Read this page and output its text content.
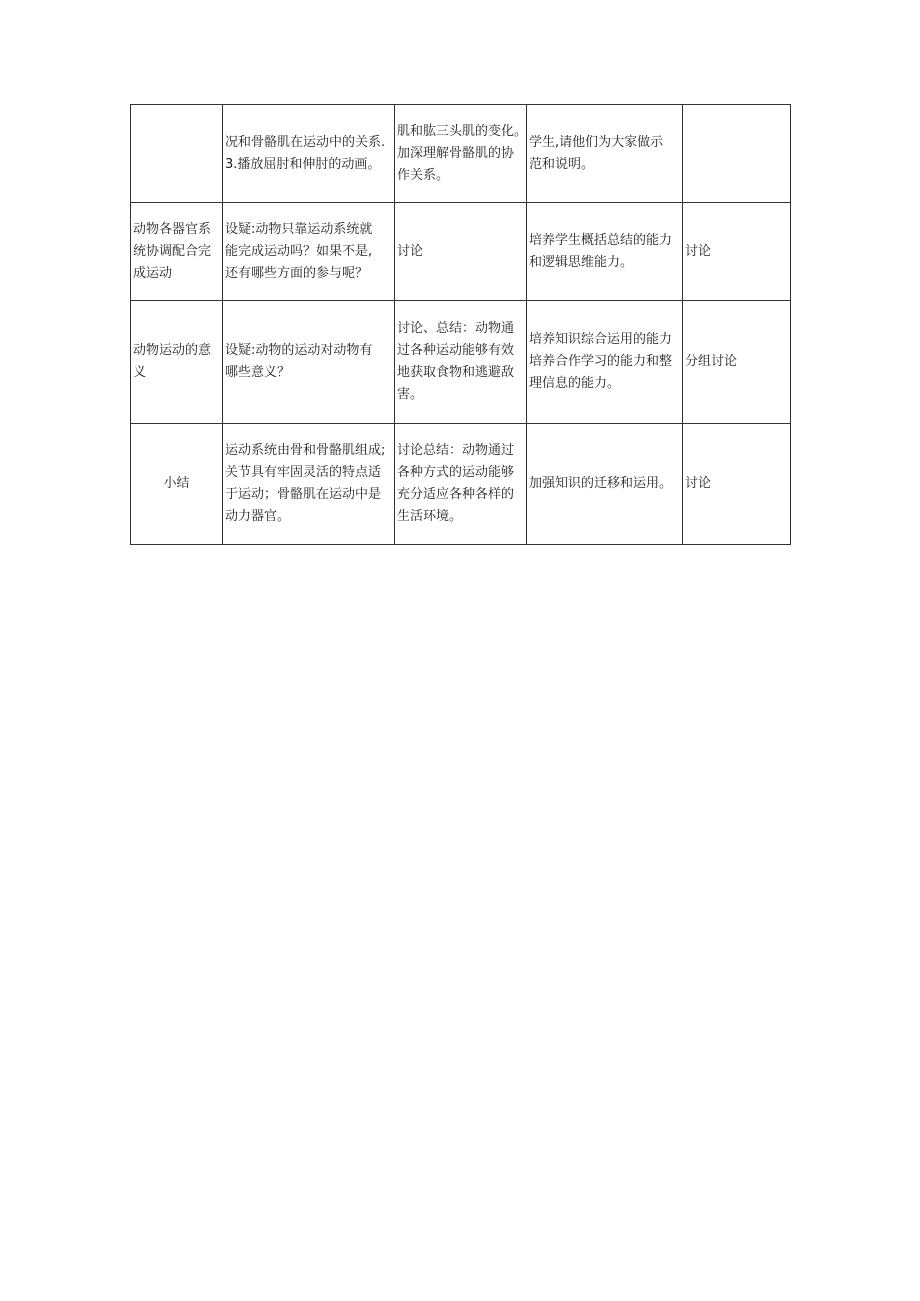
	况和骨骼肌在运动中的关系.
3.播放屈肘和伸肘的动画。	肌和肱三头肌的变化。
加深理解骨骼肌的协
作关系。	学生,请他们为大家做示
范和说明。	

动物各器官系
统协调配合完
成运动	设疑:动物只靠运动系统就
能完成运动吗？如果不是,
还有哪些方面的参与呢？	讨论	培养学生概括总结的能力
和逻辑思维能力。	讨论

动物运动的意
义	设疑:动物的运动对动物有
哪些意义？	讨论、总结：动物通
过各种运动能够有效
地获取食物和逃避敌
害。	培养知识综合运用的能力
培养合作学习的能力和整
理信息的能力。	分组讨论

小结	运动系统由骨和骨骼肌组成;
关节具有牢固灵活的特点适
于运动；骨骼肌在运动中是
动力器官。	讨论总结：动物通过
各种方式的运动能够
充分适应各种各样的
生活环境。	加强知识的迁移和运用。	讨论
